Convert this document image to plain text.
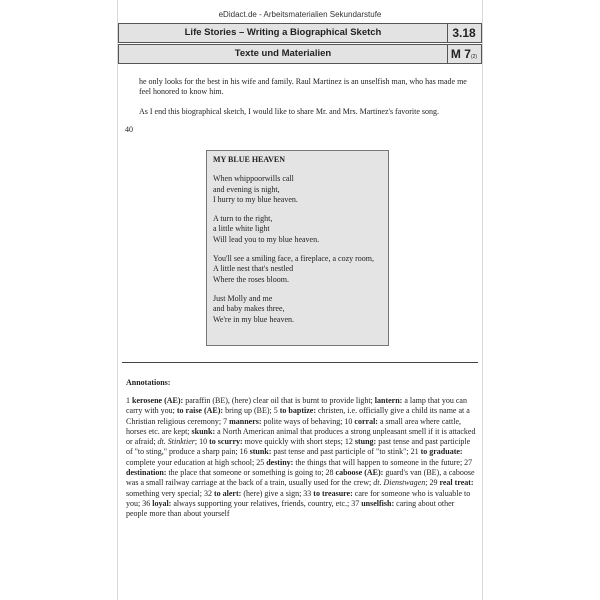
eDidact.de - Arbeitsmaterialien Sekundarstufe
Life Stories – Writing a Biographical Sketch	3.18
Texte und Materialien	M 7(2)

he only looks for the best in his wife and family. Raul Martinez is an unselfish man, who has made me feel honored to know him.

As I end this biographical sketch, I would like to share Mr. and Mrs. Martinez's favorite song.

40
MY BLUE HEAVEN
When whippoorwills call
and evening is night,
I hurry to my blue heaven.
A turn to the right,
a little white light
Will lead you to my blue heaven.
You'll see a smiling face, a fireplace, a cozy room,
A little nest that's nestled
Where the roses bloom.
Just Molly and me
and baby makes three,
We're in my blue heaven.
Annotations:
1 kerosene (AE): paraffin (BE), (here) clear oil that is burnt to provide light; lantern: a lamp that you can carry with you; to raise (AE): bring up (BE); 5 to baptize: christen, i.e. officially give a child its name at a Christian religious ceremony; 7 manners: polite ways of behaving; 10 corral: a small area where cattle, horses etc. are kept; skunk: a North American animal that produces a strong unpleasant smell if it is attacked or afraid; dt. Stinktier; 10 to scurry: move quickly with short steps; 12 stung: past tense and past participle of "to sting," produce a sharp pain; 16 stunk: past tense and past participle of "to stink"; 21 to graduate: complete your education at high school; 25 destiny: the things that will happen to someone in the future; 27 destination: the place that someone or something is going to; 28 caboose (AE): guard's van (BE), a caboose was a small railway carriage at the back of a train, usually used for the crew; dt. Dienstwagen; 29 real treat: something very special; 32 to alert: (here) give a sign; 33 to treasure: care for someone who is valuable to you; 36 loyal: always supporting your relatives, friends, country, etc.; 37 unselfish: caring about other people more than about yourself
